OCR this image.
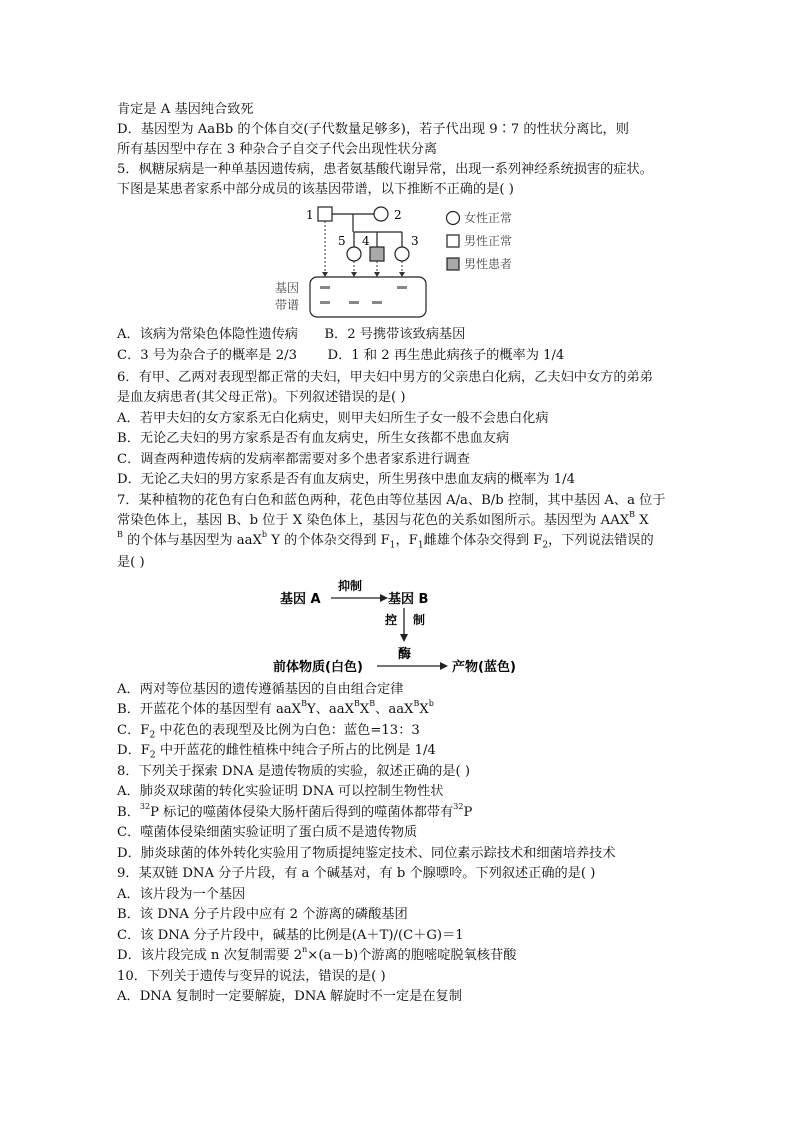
肯定是 A 基因纯合致死
D．基因型为 AaBb 的个体自交(子代数量足够多)，若子代出现 9∶7 的性状分离比，则
所有基因型中存在 3 种杂合子自交子代会出现性状分离
5．枫糖尿病是一种单基因遗传病，患者氨基酸代谢异常，出现一系列神经系统损害的症状。
下图是某患者家系中部分成员的该基因带谱，以下推断不正确的是( )
1	2
5 4	3
基因
带谱
女性正常
男性正常
男性患者
A．该病为常染色体隐性遗传病　　B．2 号携带该致病基因
C．3 号为杂合子的概率是 2/3　　 D．1 和 2 再生患此病孩子的概率为 1/4
6．有甲、乙两对表现型都正常的夫妇，甲夫妇中男方的父亲患白化病，乙夫妇中女方的弟弟
是血友病患者(其父母正常)。下列叙述错误的是( )
A．若甲夫妇的女方家系无白化病史，则甲夫妇所生子女一般不会患白化病
B．无论乙夫妇的男方家系是否有血友病史，所生女孩都不患血友病
C．调查两种遗传病的发病率都需要对多个患者家系进行调查
D．无论乙夫妇的男方家系是否有血友病史，所生男孩中患血友病的概率为 1/4
7．某种植物的花色有白色和蓝色两种，花色由等位基因 A/a、B/b 控制，其中基因 A、a 位于
常染色体上，基因 B、b 位于 X 染色体上，基因与花色的关系如图所示。基因型为 $AAX^B$ X
$^B$ 的个体与基因型为 aaX$^b$ Y 的个体杂交得到 $F_1$，$F_1$雌雄个体杂交得到 $F_2$，下列说法错误的
是( )
基因 A
抑制
基因 B
控 制
酶
前体物质(白色)	产物(蓝色)
A．两对等位基因的遗传遵循基因的自由组合定律
B．开蓝花个体的基因型有 aaX$^B$Y、$aaX^BX^B$、$aaX^BX^b$
C．$F_2$ 中花色的表现型及比例为白色：蓝色=13：3
D．$F_2$ 中开蓝花的雌性植株中纯合子所占的比例是 1/4
8．下列关于探索 DNA 是遗传物质的实验，叙述正确的是( )
A．肺炎双球菌的转化实验证明 DNA 可以控制生物性状
B．$^{32}$P 标记的噬菌体侵染大肠杆菌后得到的噬菌体都带有$^{32}$P
C．噬菌体侵染细菌实验证明了蛋白质不是遗传物质
D．肺炎球菌的体外转化实验用了物质提纯鉴定技术、同位素示踪技术和细菌培养技术
9．某双链 DNA 分子片段，有 a 个碱基对，有 b 个腺嘌呤。下列叙述正确的是( )
A．该片段为一个基因
B．该 DNA 分子片段中应有 2 个游离的磷酸基团
C．该 DNA 分子片段中，碱基的比例是(A＋T)/(C＋G)＝1
D．该片段完成 n 次复制需要 $2^n\times(a-b)$个游离的胞嘧啶脱氧核苷酸
10．下列关于遗传与变异的说法，错误的是( )
A．DNA 复制时一定要解旋，DNA 解旋时不一定是在复制
